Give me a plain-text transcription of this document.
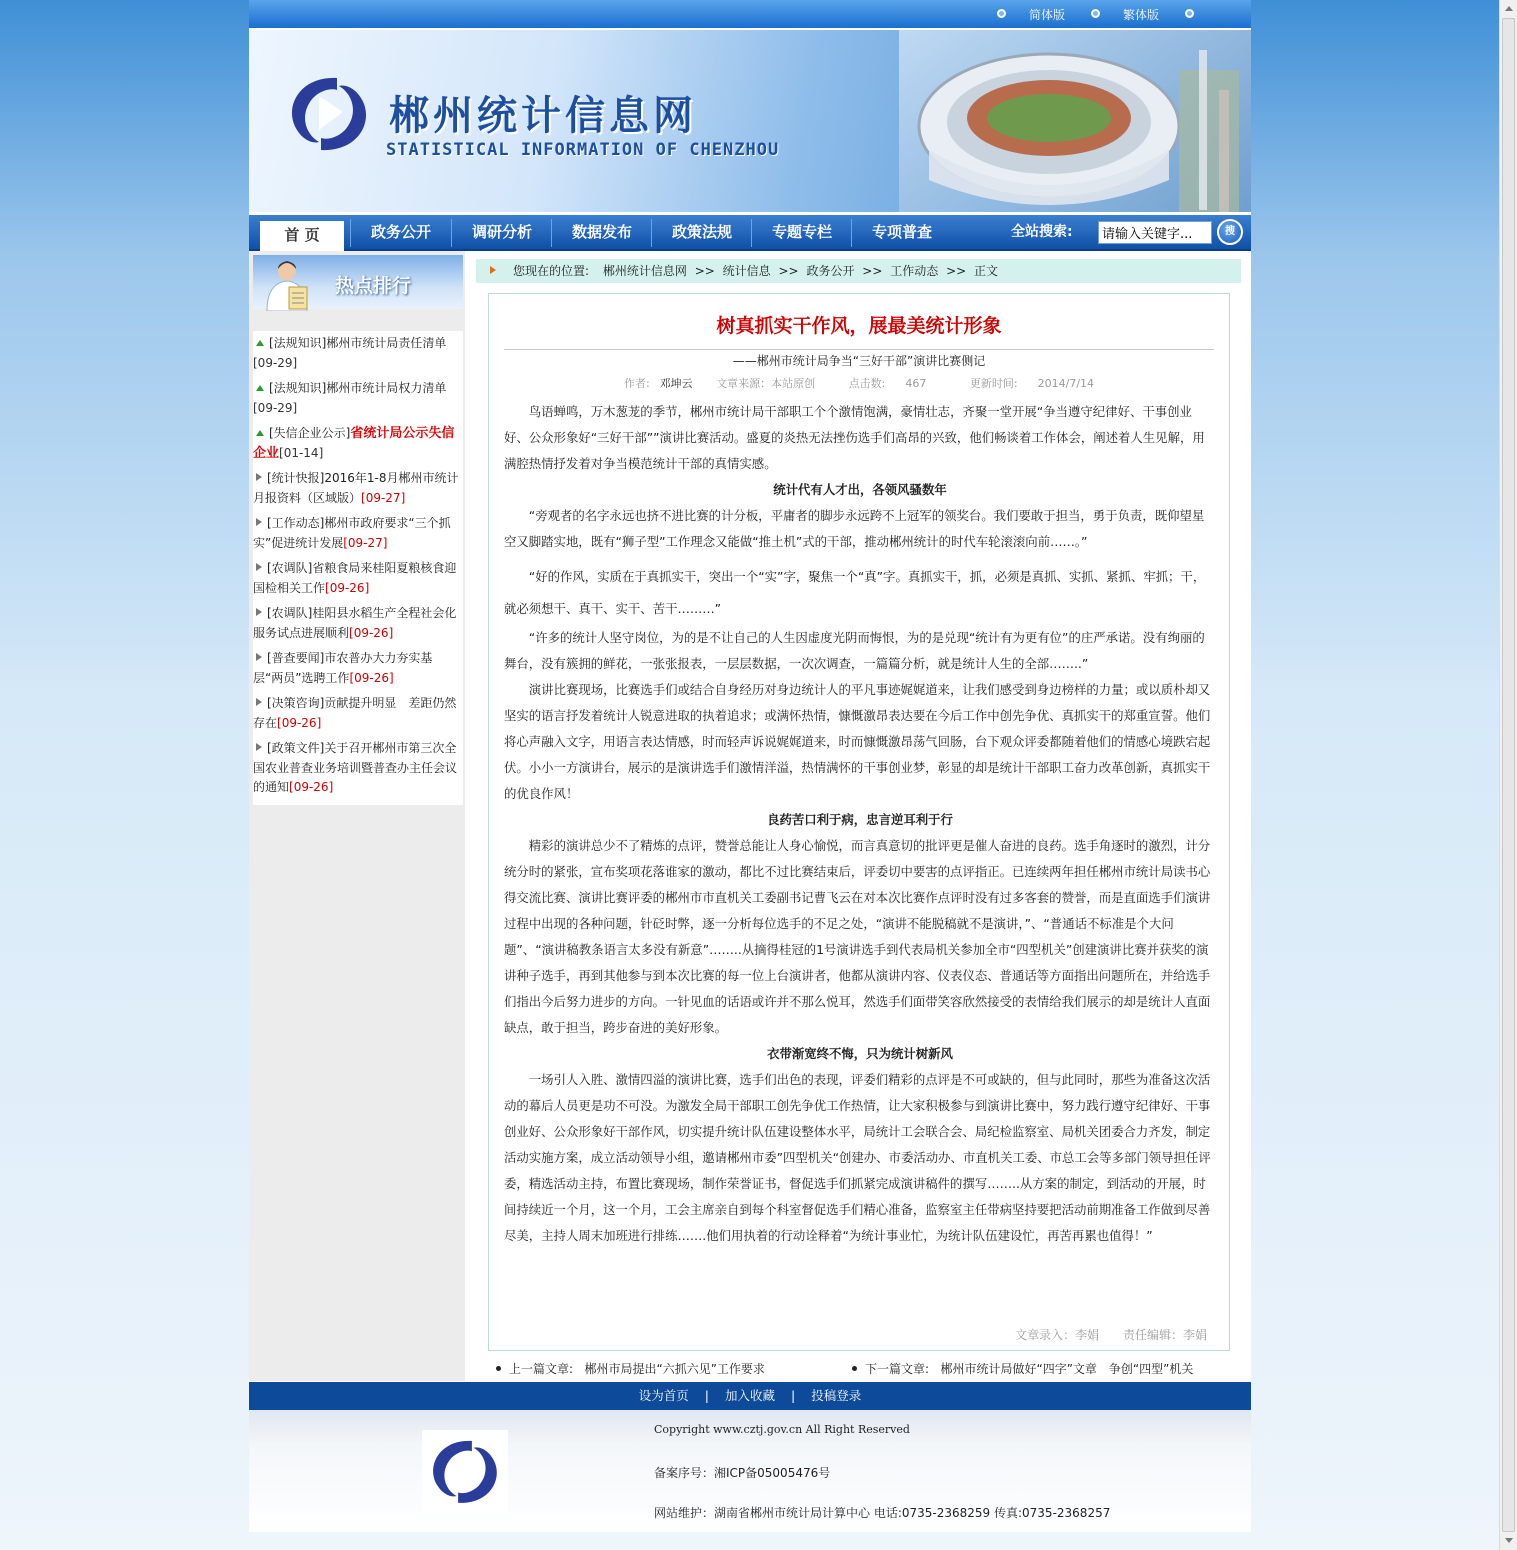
简体版	繁体版
郴州统计信息网
STATISTICAL INFORMATION OF CHENZHOU
首 页	政务公开	调研分析	数据发布	政策法规	专题专栏	专项普查	全站搜索:
请输入关键字...	搜
热点排行
[法规知识]郴州市统计局责任清单
[09-29]
[法规知识]郴州市统计局权力清单
[09-29]
[失信企业公示]省统计局公示失信企业[01-14]
[统计快报]2016年1-8月郴州市统计月报资料（区域版）[09-27]
[工作动态]郴州市政府要求“三个抓实”促进统计发展[09-27]
[农调队]省粮食局来桂阳夏粮核食迎国检相关工作[09-26]
[农调队]桂阳县水稻生产全程社会化服务试点进展顺利[09-26]
[普查要闻]市农普办大力夯实基层“两员”选聘工作[09-26]
[决策咨询]贡献提升明显　差距仍然存在[09-26]
[政策文件]关于召开郴州市第三次全国农业普查业务培训暨普查办主任会议的通知[09-26]
您现在的位置: 郴州统计信息网 >> 统计信息 >> 政务公开 >> 工作动态 >> 正文
树真抓实干作风，展最美统计形象
——郴州市统计局争当“三好干部”演讲比赛侧记
作者: 邓坤云 文章来源：本站原创	点击数: 467	更新时间: 2014/7/14

鸟语蝉鸣，万木葱茏的季节，郴州市统计局干部职工个个激情饱满，豪情壮志，齐聚一堂开展“争当遵守纪律好、干事创业好、公众形象好“三好干部””演讲比赛活动。盛夏的炎热无法挫伤选手们高昂的兴致，他们畅谈着工作体会，阐述着人生见解，用满腔热情抒发着对争当模范统计干部的真情实感。

统计代有人才出，各领风骚数年

“旁观者的名字永远也挤不进比赛的计分板，平庸者的脚步永远跨不上冠军的领奖台。我们要敢于担当，勇于负责，既仰望星空又脚踏实地，既有“狮子型”工作理念又能做“推土机”式的干部，推动郴州统计的时代车轮滚滚向前……。”

“好的作风，实质在于真抓实干，突出一个“实”字，聚焦一个“真”字。真抓实干，抓，必须是真抓、实抓、紧抓、牢抓；干，就必须想干、真干、实干、苦干………”

“许多的统计人坚守岗位，为的是不让自己的人生因虚度光阴而悔恨，为的是兑现“统计有为更有位”的庄严承诺。没有绚丽的舞台，没有簇拥的鲜花，一张张报表，一层层数据，一次次调查，一篇篇分析，就是统计人生的全部……..”

演讲比赛现场，比赛选手们或结合自身经历对身边统计人的平凡事迹娓娓道来，让我们感受到身边榜样的力量；或以质朴却又坚实的语言抒发着统计人锐意进取的执着追求；或满怀热情，慷慨激昂表达要在今后工作中创先争优、真抓实干的郑重宣誓。他们将心声融入文字，用语言表达情感，时而轻声诉说娓娓道来，时而慷慨激昂荡气回肠，台下观众评委都随着他们的情感心境跌宕起伏。小小一方演讲台，展示的是演讲选手们激情洋溢，热情满怀的干事创业梦，彰显的却是统计干部职工奋力改革创新，真抓实干的优良作风！

良药苦口利于病，忠言逆耳利于行

精彩的演讲总少不了精炼的点评，赞誉总能让人身心愉悦，而言真意切的批评更是催人奋进的良药。选手角逐时的激烈，计分统分时的紧张，宣布奖项花落谁家的激动，都比不过比赛结束后，评委切中要害的点评指正。已连续两年担任郴州市统计局读书心得交流比赛、演讲比赛评委的郴州市市直机关工委副书记曹飞云在对本次比赛作点评时没有过多客套的赞誉，而是直面选手们演讲过程中出现的各种问题，针砭时弊，逐一分析每位选手的不足之处，“演讲不能脱稿就不是演讲，”、“普通话不标准是个大问题”、“演讲稿教条语言太多没有新意”……..从摘得桂冠的1号演讲选手到代表局机关参加全市“四型机关”创建演讲比赛并获奖的演讲种子选手，再到其他参与到本次比赛的每一位上台演讲者，他都从演讲内容、仪表仪态、普通话等方面指出问题所在，并给选手们指出今后努力进步的方向。一针见血的话语或许并不那么悦耳，然选手们面带笑容欣然接受的表情给我们展示的却是统计人直面缺点，敢于担当，跨步奋进的美好形象。

衣带渐宽终不悔，只为统计树新风

一场引人入胜、激情四溢的演讲比赛，选手们出色的表现，评委们精彩的点评是不可或缺的，但与此同时，那些为准备这次活动的幕后人员更是功不可没。为激发全局干部职工创先争优工作热情，让大家积极参与到演讲比赛中，努力践行遵守纪律好、干事创业好、公众形象好干部作风，切实提升统计队伍建设整体水平，局统计工会联合会、局纪检监察室、局机关团委合力齐发，制定活动实施方案，成立活动领导小组，邀请郴州市委”四型机关“创建办、市委活动办、市直机关工委、市总工会等多部门领导担任评委，精选活动主持，布置比赛现场，制作荣誉证书，督促选手们抓紧完成演讲稿件的撰写……..从方案的制定，到活动的开展，时间持续近一个月，这一个月，工会主席亲自到每个科室督促选手们精心准备，监察室主任带病坚持要把活动前期准备工作做到尽善尽美，主持人周末加班进行排练…….他们用执着的行动诠释着“为统计事业忙，为统计队伍建设忙，再苦再累也值得！”

文章录入：李娟 责任编辑：李娟
上一篇文章: 郴州市局提出“六抓六见”工作要求	下一篇文章: 郴州市统计局做好“四字”文章　争创“四型”机关
设为首页 | 加入收藏 | 投稿登录
Copyright www.cztj.gov.cn All Right Reserved
备案序号：湘ICP备05005476号
网站维护：湖南省郴州市统计局计算中心 电话:0735-2368259 传真:0735-2368257
